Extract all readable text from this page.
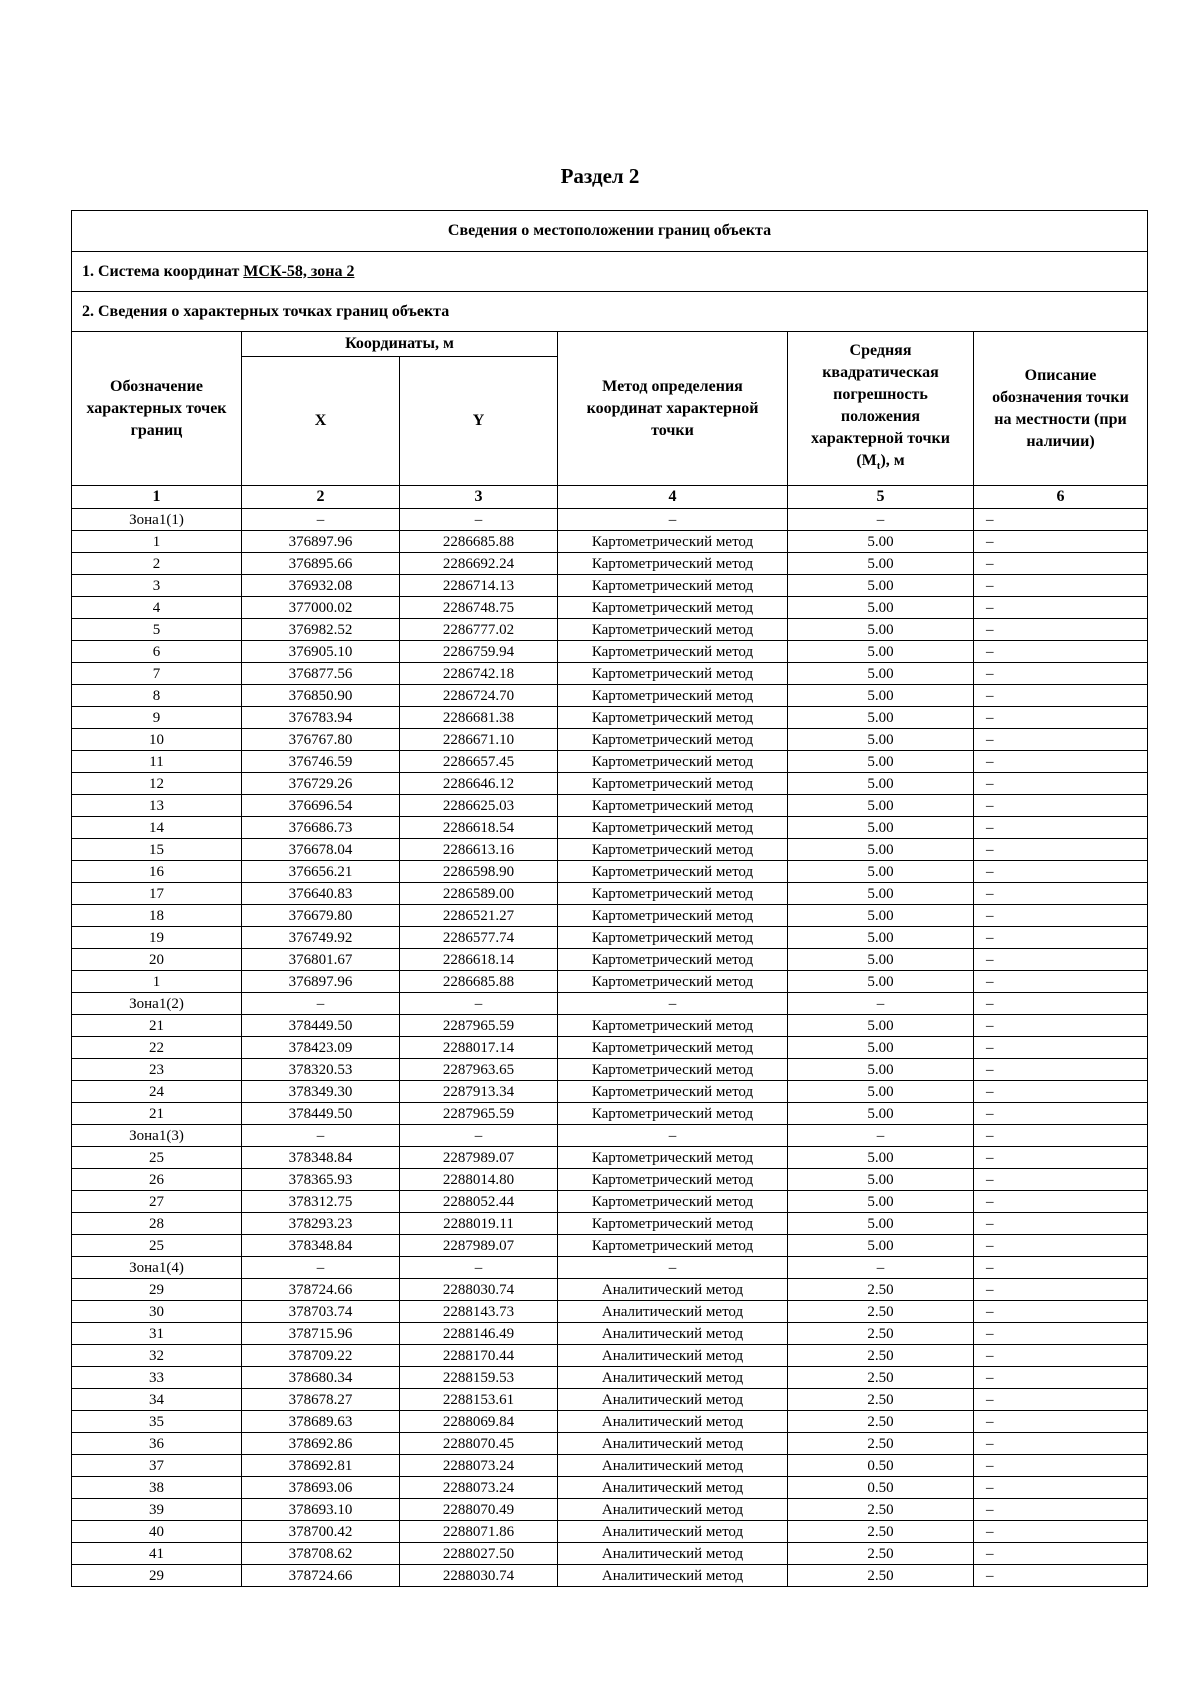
Раздел 2
Сведения о местоположении границ объекта					
1. Система координат МСК-58, зона 2					
2. Сведения о характерных точках границ объекта					
Обозначение характерных точек границ	Координаты, м		Метод определения координат характерной точки	Средняя квадратическая погрешность положения характерной точки $(M_t)$, м	Описание обозначения точки на местности (при наличии)
	X	Y			
1	2	3	4	5	6
Зона1(1)	–	–	–	–	–
1	376897.96	2286685.88	Картометрический метод	5.00	–
2	376895.66	2286692.24	Картометрический метод	5.00	–
3	376932.08	2286714.13	Картометрический метод	5.00	–
4	377000.02	2286748.75	Картометрический метод	5.00	–
5	376982.52	2286777.02	Картометрический метод	5.00	–
6	376905.10	2286759.94	Картометрический метод	5.00	–
7	376877.56	2286742.18	Картометрический метод	5.00	–
8	376850.90	2286724.70	Картометрический метод	5.00	–
9	376783.94	2286681.38	Картометрический метод	5.00	–
10	376767.80	2286671.10	Картометрический метод	5.00	–
11	376746.59	2286657.45	Картометрический метод	5.00	–
12	376729.26	2286646.12	Картометрический метод	5.00	–
13	376696.54	2286625.03	Картометрический метод	5.00	–
14	376686.73	2286618.54	Картометрический метод	5.00	–
15	376678.04	2286613.16	Картометрический метод	5.00	–
16	376656.21	2286598.90	Картометрический метод	5.00	–
17	376640.83	2286589.00	Картометрический метод	5.00	–
18	376679.80	2286521.27	Картометрический метод	5.00	–
19	376749.92	2286577.74	Картометрический метод	5.00	–
20	376801.67	2286618.14	Картометрический метод	5.00	–
1	376897.96	2286685.88	Картометрический метод	5.00	–
Зона1(2)	–	–	–	–	–
21	378449.50	2287965.59	Картометрический метод	5.00	–
22	378423.09	2288017.14	Картометрический метод	5.00	–
23	378320.53	2287963.65	Картометрический метод	5.00	–
24	378349.30	2287913.34	Картометрический метод	5.00	–
21	378449.50	2287965.59	Картометрический метод	5.00	–
Зона1(3)	–	–	–	–	–
25	378348.84	2287989.07	Картометрический метод	5.00	–
26	378365.93	2288014.80	Картометрический метод	5.00	–
27	378312.75	2288052.44	Картометрический метод	5.00	–
28	378293.23	2288019.11	Картометрический метод	5.00	–
25	378348.84	2287989.07	Картометрический метод	5.00	–
Зона1(4)	–	–	–	–	–
29	378724.66	2288030.74	Аналитический метод	2.50	–
30	378703.74	2288143.73	Аналитический метод	2.50	–
31	378715.96	2288146.49	Аналитический метод	2.50	–
32	378709.22	2288170.44	Аналитический метод	2.50	–
33	378680.34	2288159.53	Аналитический метод	2.50	–
34	378678.27	2288153.61	Аналитический метод	2.50	–
35	378689.63	2288069.84	Аналитический метод	2.50	–
36	378692.86	2288070.45	Аналитический метод	2.50	–
37	378692.81	2288073.24	Аналитический метод	0.50	–
38	378693.06	2288073.24	Аналитический метод	0.50	–
39	378693.10	2288070.49	Аналитический метод	2.50	–
40	378700.42	2288071.86	Аналитический метод	2.50	–
41	378708.62	2288027.50	Аналитический метод	2.50	–
29	378724.66	2288030.74	Аналитический метод	2.50	–
